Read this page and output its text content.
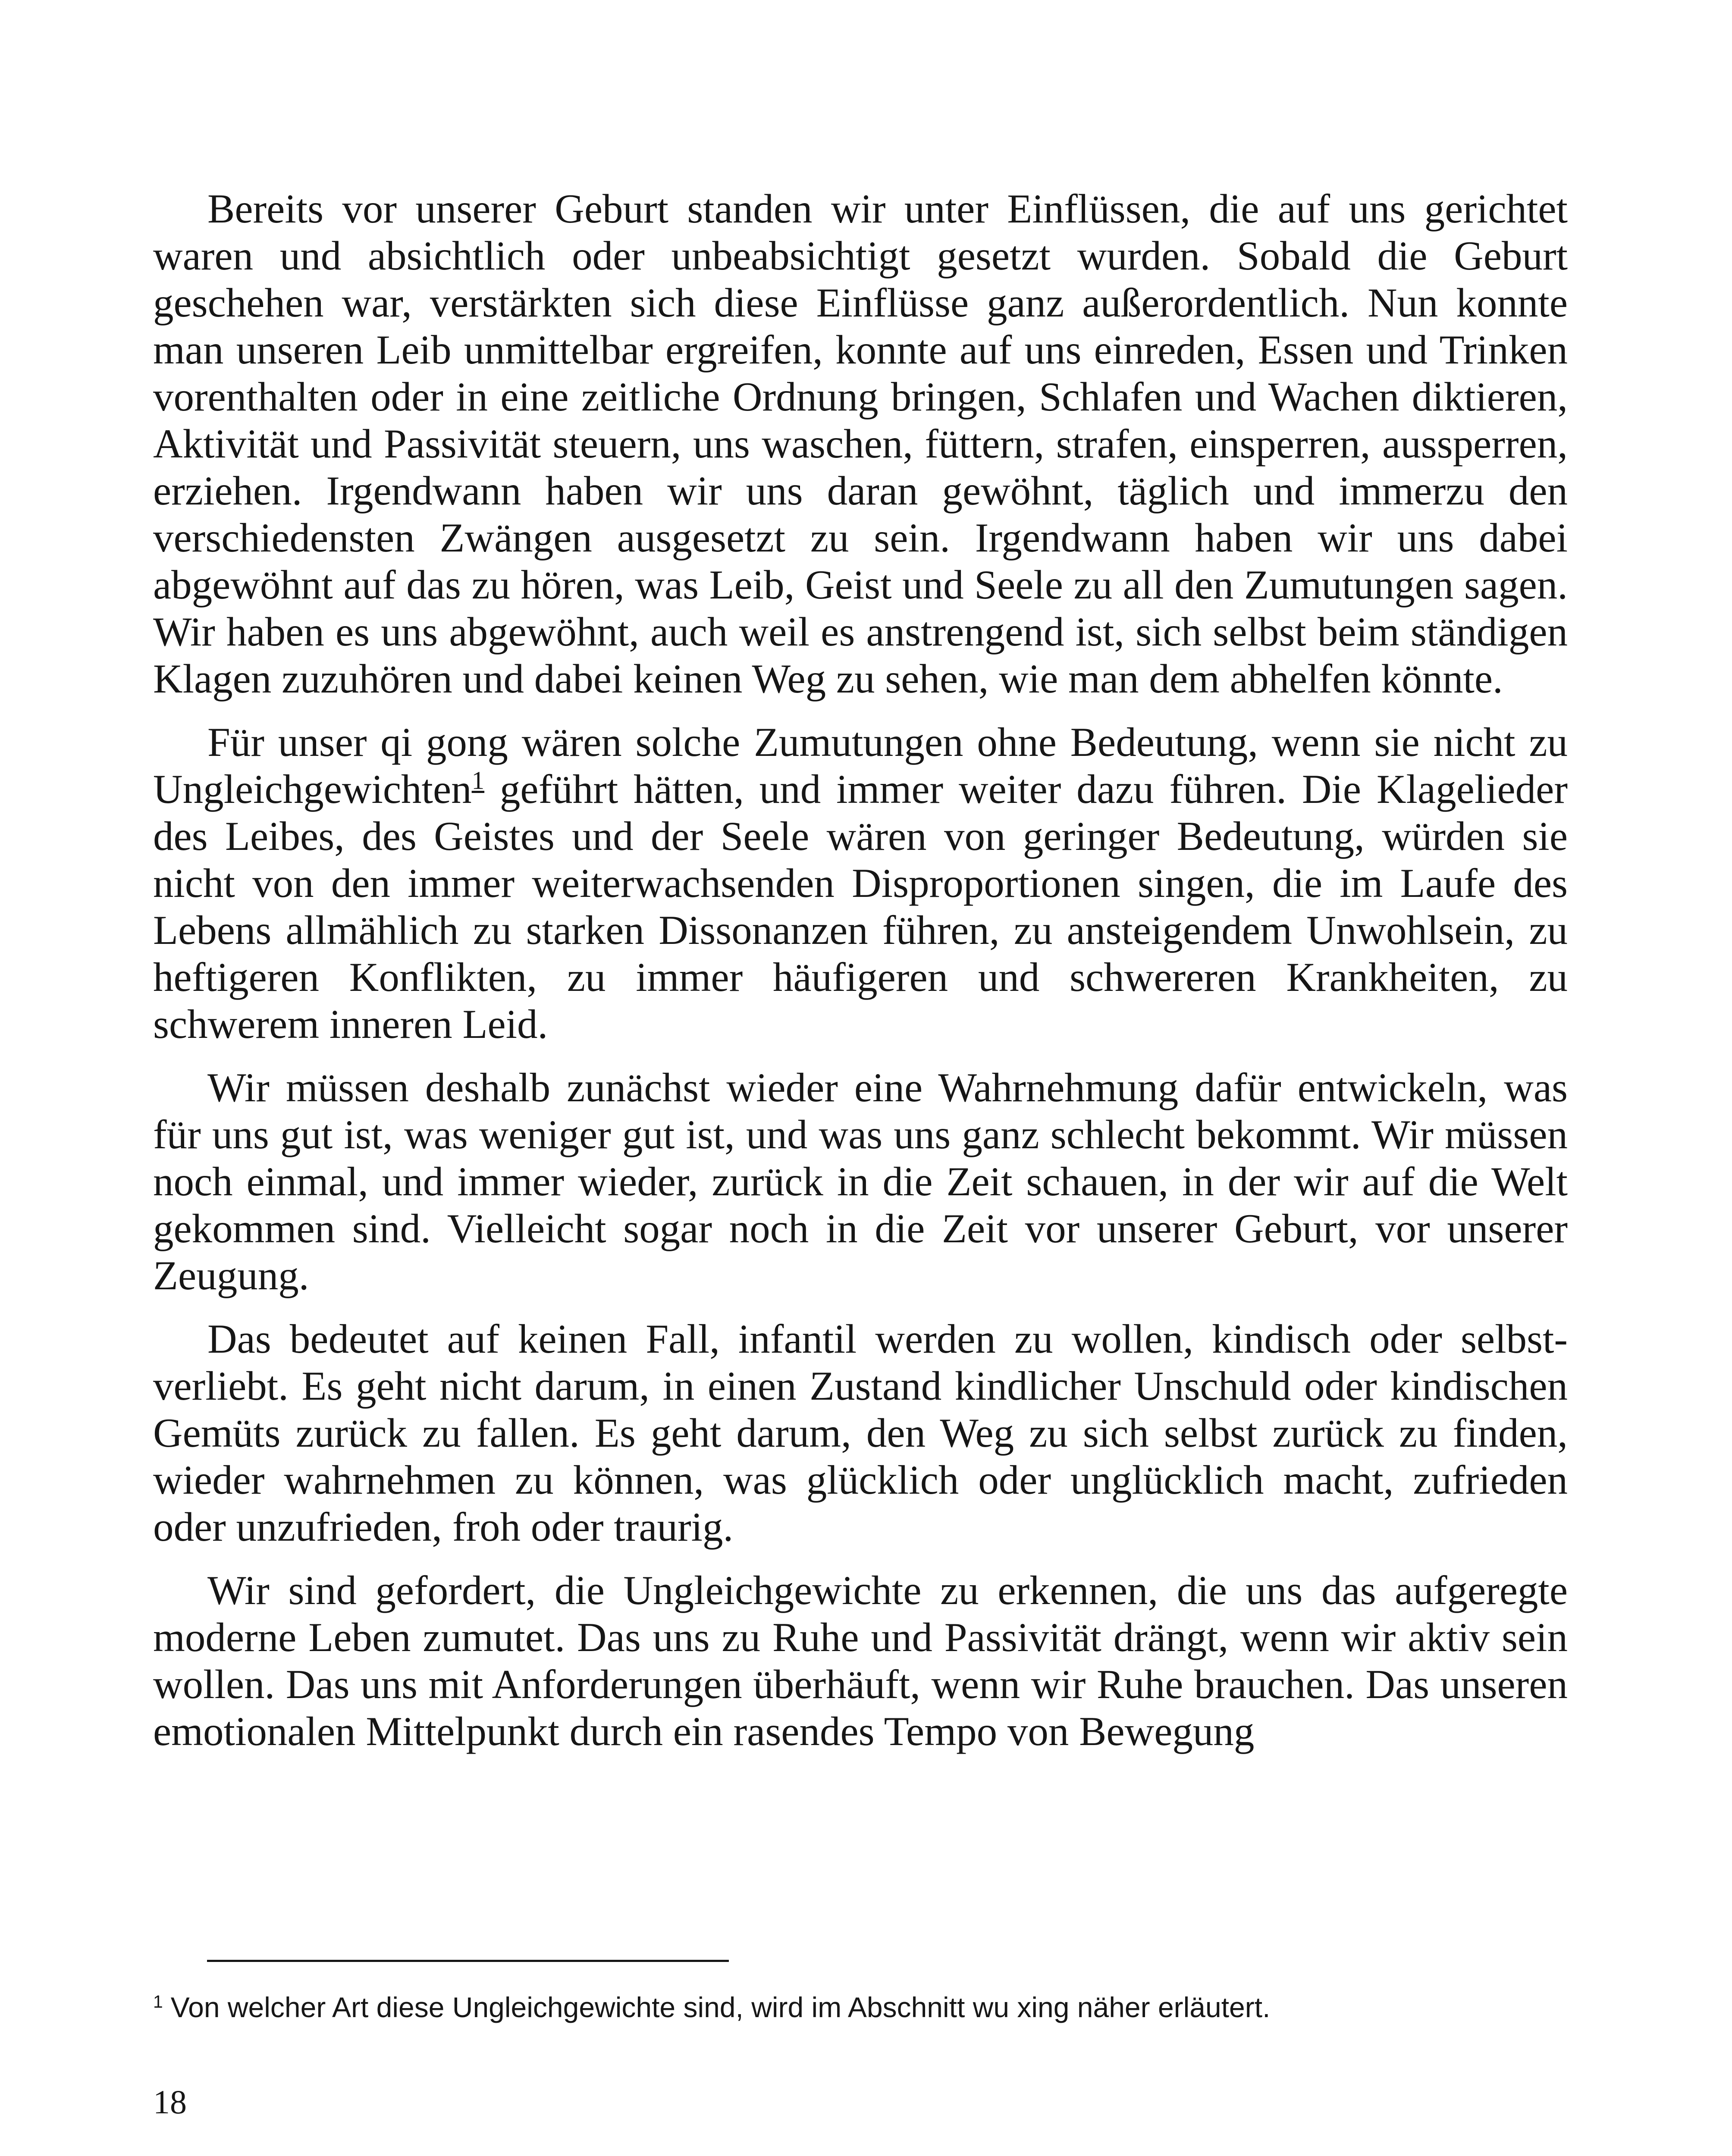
Bereits vor unserer Geburt standen wir unter Einflüssen, die auf uns gerichtet waren und absichtlich oder unbeabsichtigt gesetzt wurden. Sobald die Geburt geschehen war, verstärkten sich diese Einflüsse ganz außerordentlich. Nun konnte man unseren Leib unmittelbar ergreifen, konnte auf uns einreden, Essen und Trinken vorenthalten oder in eine zeitliche Ordnung bringen, Schlafen und Wachen diktieren, Aktivität und Passivität steuern, uns waschen, füttern, strafen, einsperren, aussperren, erziehen. Irgendwann haben wir uns daran gewöhnt, täglich und immerzu den verschiedensten Zwängen ausgesetzt zu sein. Irgendwann haben wir uns dabei abgewöhnt auf das zu hören, was Leib, Geist und Seele zu all den Zumutungen sagen. Wir haben es uns abgewöhnt, auch weil es anstrengend ist, sich selbst beim ständigen Klagen zuzuhören und dabei keinen Weg zu sehen, wie man dem abhelfen könnte.

Für unser qi gong wären solche Zumutungen ohne Bedeutung, wenn sie nicht zu Ungleichgewichten$^1$ geführt hätten, und immer weiter dazu führen. Die Klagelieder des Leibes, des Geistes und der Seele wären von geringer Bedeutung, würden sie nicht von den immer weiterwachsenden Disproportionen singen, die im Laufe des Lebens allmählich zu starken Dissonanzen führen, zu ansteigendem Unwohlsein, zu heftigeren Konflikten, zu immer häufigeren und schwereren Krankheiten, zu schwerem inneren Leid.

Wir müssen deshalb zunächst wieder eine Wahrnehmung dafür entwickeln, was für uns gut ist, was weniger gut ist, und was uns ganz schlecht bekommt. Wir müssen noch einmal, und immer wieder, zurück in die Zeit schauen, in der wir auf die Welt gekommen sind. Vielleicht sogar noch in die Zeit vor unserer Geburt, vor unserer Zeugung.

Das bedeutet auf keinen Fall, infantil werden zu wollen, kindisch oder selbstverliebt. Es geht nicht darum, in einen Zustand kindlicher Unschuld oder kindischen Gemüts zurück zu fallen. Es geht darum, den Weg zu sich selbst zurück zu finden, wieder wahrnehmen zu können, was glücklich oder unglücklich macht, zufrieden oder unzufrieden, froh oder traurig.

Wir sind gefordert, die Ungleichgewichte zu erkennen, die uns das aufgeregte moderne Leben zumutet. Das uns zu Ruhe und Passivität drängt, wenn wir aktiv sein wollen. Das uns mit Anforderungen überhäuft, wenn wir Ruhe brauchen. Das unseren emotionalen Mittelpunkt durch ein rasendes Tempo von Bewegung

$^1$ Von welcher Art diese Ungleichgewichte sind, wird im Abschnitt wu xing näher erläutert.
18
